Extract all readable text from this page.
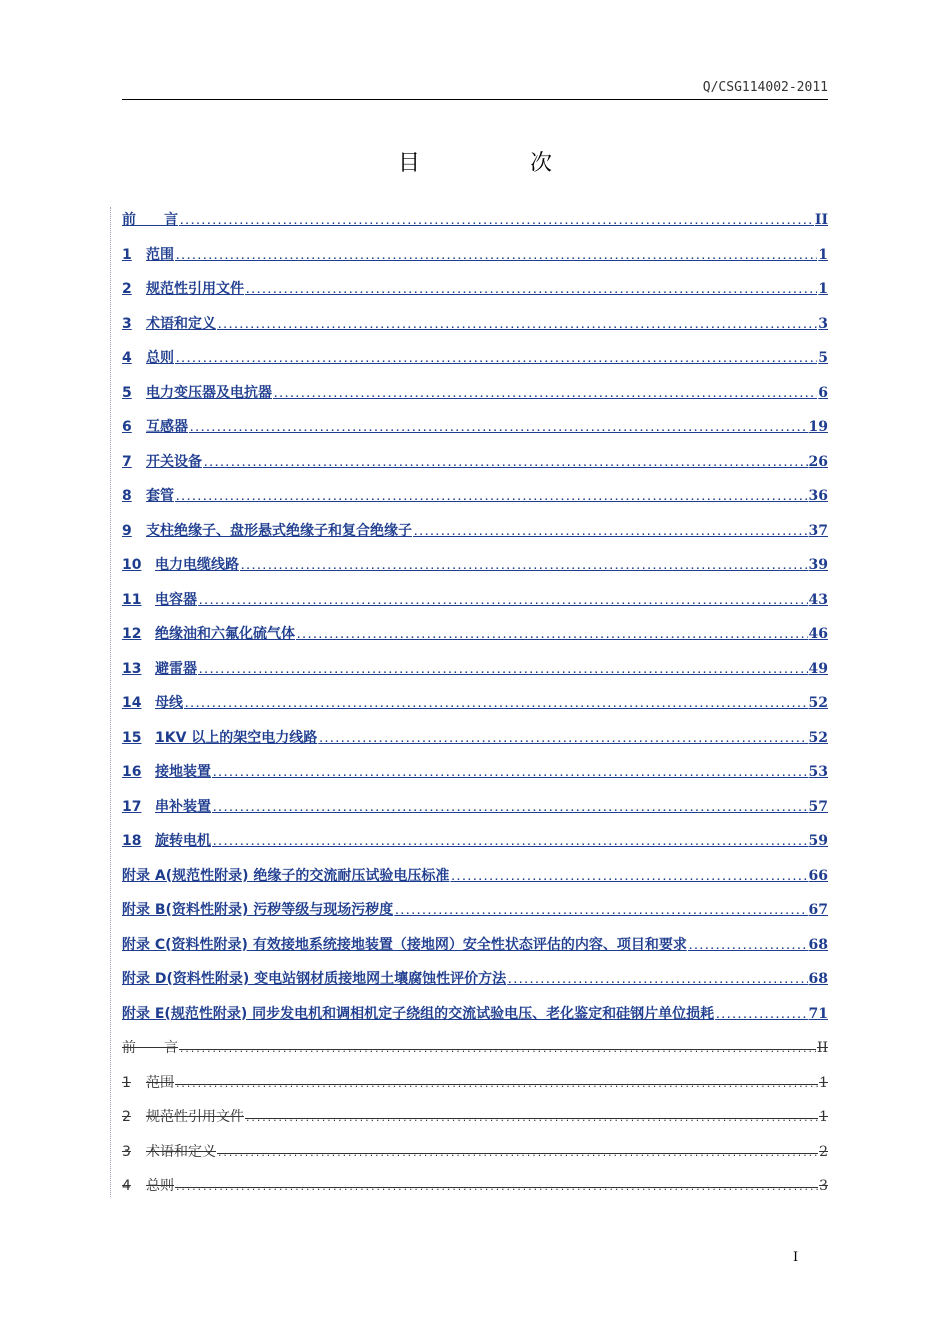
Q/CSG114002-2011
目　次
前　　言 .....	II
1	范围 .....	1
2	规范性引用文件 .....	1
3	术语和定义 .....	3
4	总则 .....	5
5	电力变压器及电抗器 .....	6
6	互感器 .....	19
7	开关设备 .....	26
8	套管 .....	36
9	支柱绝缘子、盘形悬式绝缘子和复合绝缘子 .....	37
10 电力电缆线路 .....	39
11 电容器 .....	43
12 绝缘油和六氟化硫气体 .....	46
13 避雷器 .....	49
14 母线 .....	52
15 1KV 以上的架空电力线路 .....	52
16 接地装置 .....	53
17 串补装置 .....	57
18 旋转电机 .....	59
附录 A(规范性附录) 绝缘子的交流耐压试验电压标准 .....	66
附录 B(资料性附录) 污秽等级与现场污秽度 .....	67
附录 C(资料性附录) 有效接地系统接地装置（接地网）安全性状态评估的内容、项目和要求 .....	68
附录 D(资料性附录) 变电站钢材质接地网土壤腐蚀性评价方法 .....	68
附录 E(规范性附录) 同步发电机和调相机定子绕组的交流试验电压、老化鉴定和硅钢片单位损耗 .....	71
前　　言 .....	II
1	范围 .....	1
2	规范性引用文件 .....	1
3	术语和定义 .....	2
4	总则 .....	3
I
